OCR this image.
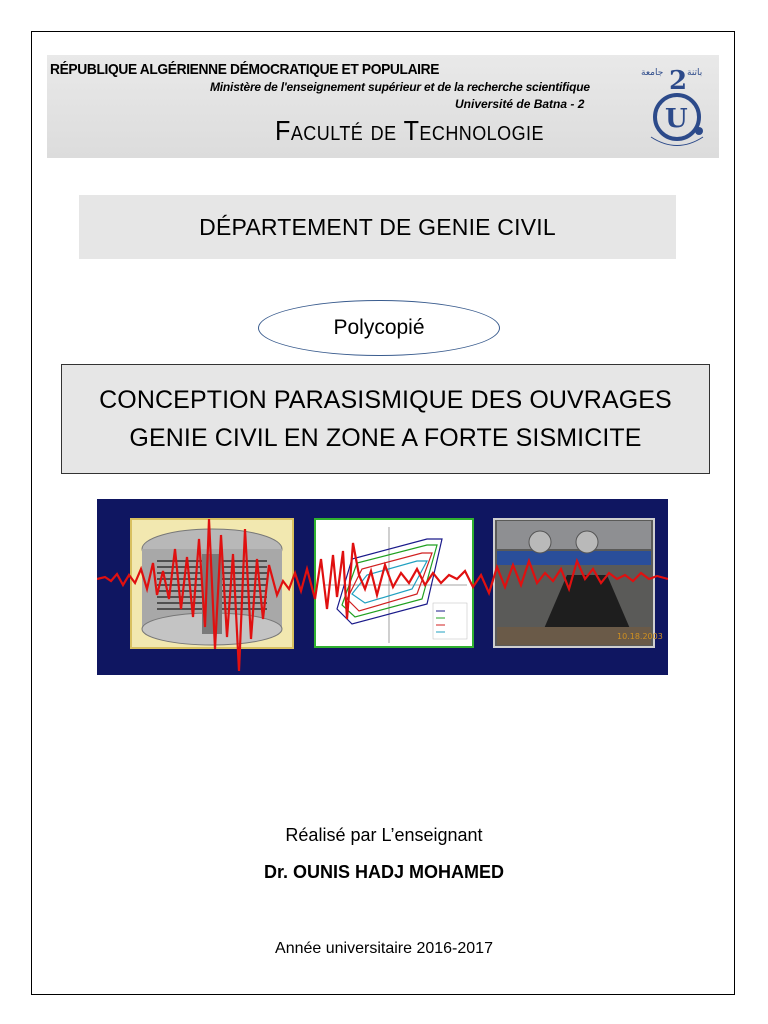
RÉPUBLIQUE ALGÉRIENNE DÉMOCRATIQUE ET POPULAIRE
Ministère de l'enseignement supérieur et de la recherche scientifique
Université de Batna - 2
Faculté de Technologie
جامعة	باتنة
2
U
DÉPARTEMENT DE GENIE CIVIL
Polycopié
CONCEPTION PARASISMIQUE DES OUVRAGES
GENIE CIVIL EN ZONE A FORTE SISMICITE
10.18.2003
Réalisé par L’enseignant
Dr. OUNIS HADJ MOHAMED
Année universitaire 2016-2017
